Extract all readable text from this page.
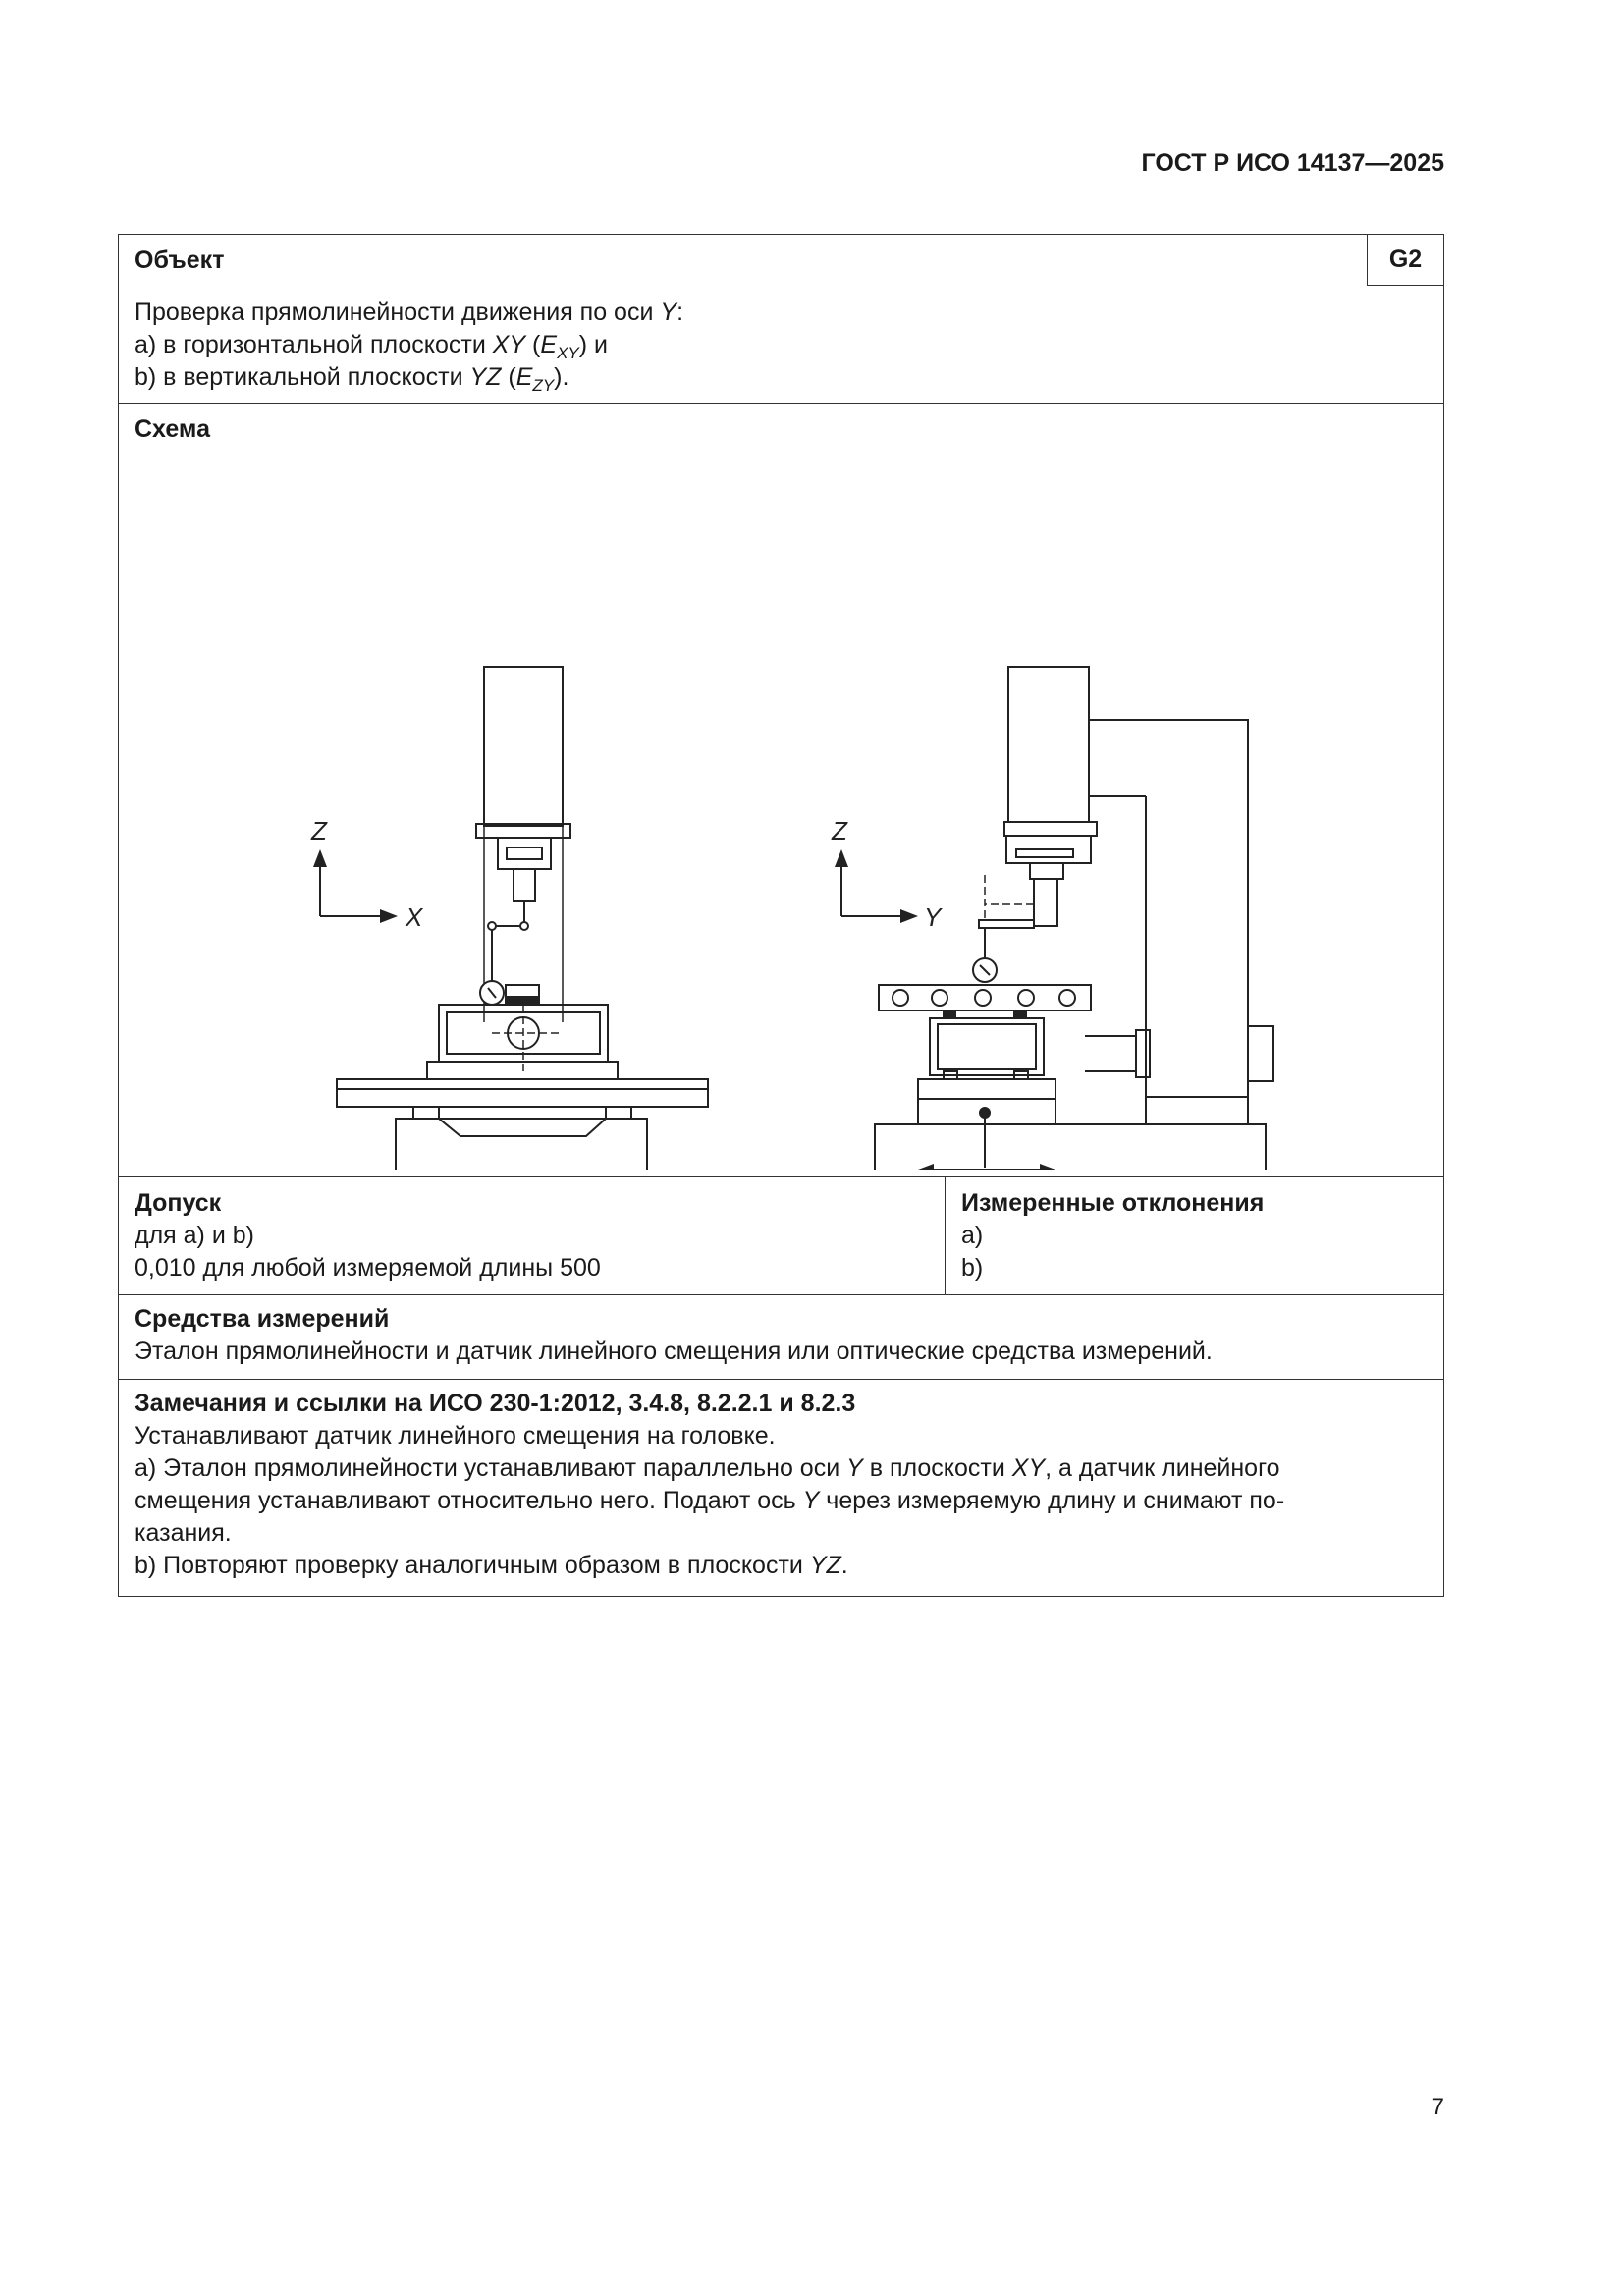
ГОСТ Р ИСО 14137—2025
Объект	G2
Проверка прямолинейности движения по оси Y:
a) в горизонтальной плоскости XY $(E_{XY})$ и
b) в вертикальной плоскости YZ $(E_{ZY})$.
Схема
Z
X
Z
Y
Допуск
для a) и b)
0,010 для любой измеряемой длины 500
Измеренные отклонения
a)
b)
Средства измерений
Эталон прямолинейности и датчик линейного смещения или оптические средства измерений.
Замечания и ссылки на ИСО 230-1:2012, 3.4.8, 8.2.2.1 и 8.2.3
Устанавливают датчик линейного смещения на головке.
a) Эталон прямолинейности устанавливают параллельно оси Y в плоскости XY, а датчик линейного
смещения устанавливают относительно него. Подают ось Y через измеряемую длину и снимают по-
казания.
b) Повторяют проверку аналогичным образом в плоскости YZ.
7
